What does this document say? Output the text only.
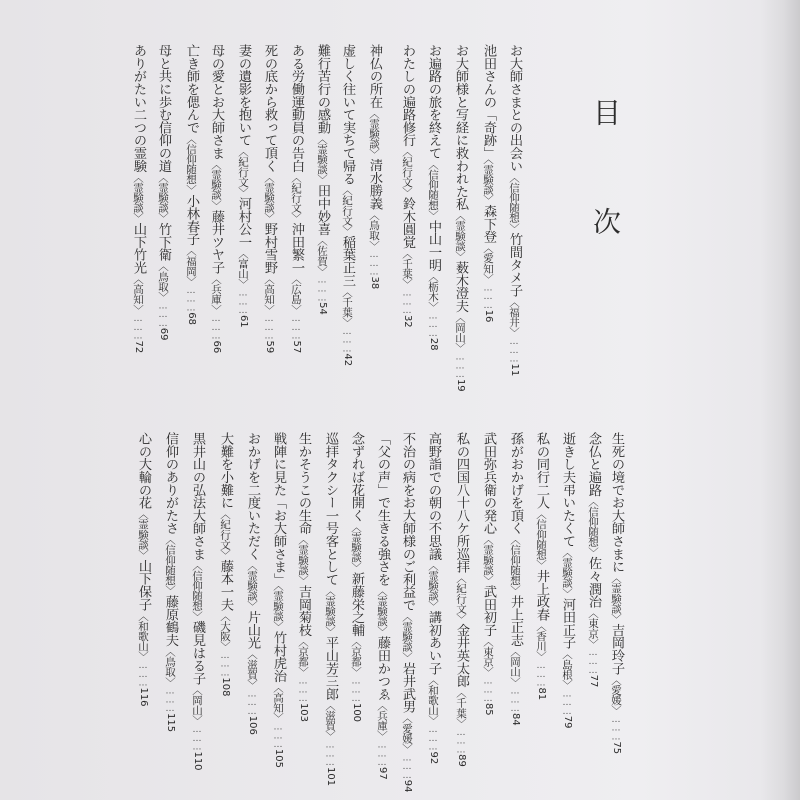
目 次
お大師さまとの出会い〈信仰随想〉竹間タメ子〈福井〉………11
池田さんの「奇跡」〈霊験談〉森下登〈愛知〉………16
お大師様と写経に救われた私〈霊験談〉薮木澄夫〈岡山〉………19
お遍路の旅を終えて〈信仰随想〉中山一明〈栃木〉………28
わたしの遍路修行〈紀行文〉鈴木圓覚〈千葉〉………32
神仏の所在〈霊験談〉清水勝義〈鳥取〉………38
虚しく往いて実ちて帰る〈紀行文〉稲葉正三〈千葉〉………42
難行苦行の感動〈霊験談〉田中妙喜〈佐賀〉………54
ある労働運動員の告白〈紀行文〉沖田繁一〈広島〉………57
死の底から救って頂く〈霊験談〉野村雪野〈高知〉………59
妻の遺影を抱いて〈紀行文〉河村公一〈富山〉………61
母の愛とお大師さま〈霊験談〉藤井ツヤ子〈兵庫〉………66
亡き師を偲んで〈信仰随想〉小林春子〈福岡〉………68
母と共に歩む信仰の道〈霊験談〉竹下衛〈鳥取〉………69
ありがたい二つの霊験〈霊験談〉山下竹光〈高知〉………72
生死の境でお大師さまに〈霊験談〉吉岡玲子〈愛媛〉………75
念仏と遍路〈信仰随想〉佐々潤治〈東京〉………77
逝きし夫弔いたくて〈霊験談〉河田正子〈島根〉………79
私の同行二人〈信仰随想〉井上政春〈香川〉………81
孫がおかげを頂く〈信仰随想〉井上正志〈岡山〉………84
武田弥兵衛の発心〈霊験談〉武田初子〈東京〉………85
私の四国八十八ケ所巡拝〈紀行文〉金井英太郎〈千葉〉………89
高野詣での朝の不思議〈霊験談〉講初あい子〈和歌山〉………92
不治の病をお大師様のご利益で〈霊験談〉岩井武男〈愛媛〉………94
「父の声」で生きる強さを〈霊験談〉藤田かつゑ〈兵庫〉………97
念ずれば花開く〈霊験談〉新藤栄之輔〈京都〉………100
巡拝タクシー一号客として〈霊験談〉平山芳三郎〈滋賀〉………101
生かそうこの生命〈霊験談〉吉岡菊枝〈京都〉………103
戦陣に見た「お大師さま」〈霊験談〉竹村虎治〈高知〉………105
おかげを二度いただく〈霊験談〉片山光〈滋賀〉………106
大難を小難に〈紀行文〉藤本一夫〈大阪〉………108
黒井山の弘法大師さま〈信仰随想〉磯見はる子〈岡山〉………110
信仰のありがたさ〈信仰随想〉藤原鶴夫〈鳥取〉………115
心の大輪の花〈霊験談〉山下保子〈和歌山〉………116
